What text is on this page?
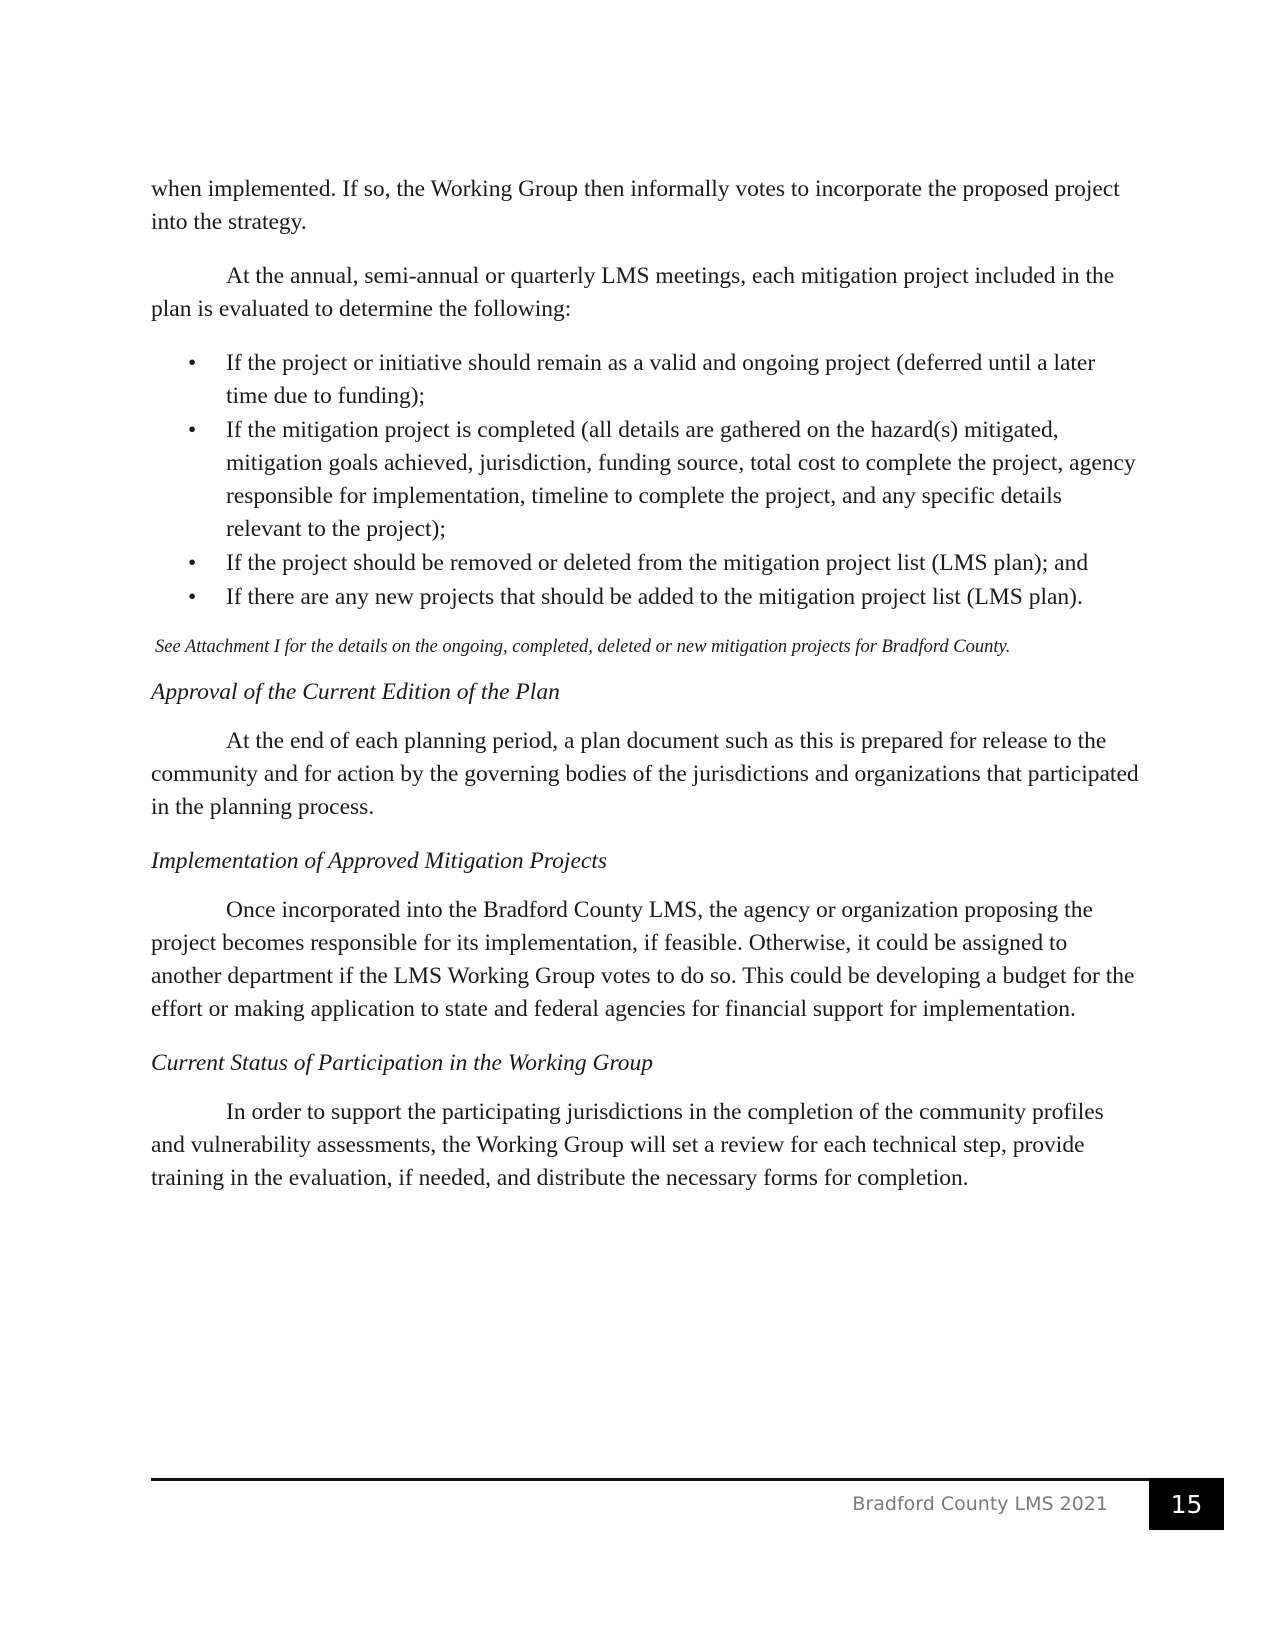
when implemented. If so, the Working Group then informally votes to incorporate the proposed project into the strategy.

At the annual, semi-annual or quarterly LMS meetings, each mitigation project included in the plan is evaluated to determine the following:

• If the project or initiative should remain as a valid and ongoing project (deferred until a later time due to funding);
• If the mitigation project is completed (all details are gathered on the hazard(s) mitigated, mitigation goals achieved, jurisdiction, funding source, total cost to complete the project, agency responsible for implementation, timeline to complete the project, and any specific details relevant to the project);
• If the project should be removed or deleted from the mitigation project list (LMS plan); and
• If there are any new projects that should be added to the mitigation project list (LMS plan).

See Attachment I for the details on the ongoing, completed, deleted or new mitigation projects for Bradford County.

Approval of the Current Edition of the Plan

At the end of each planning period, a plan document such as this is prepared for release to the community and for action by the governing bodies of the jurisdictions and organizations that participated in the planning process.

Implementation of Approved Mitigation Projects

Once incorporated into the Bradford County LMS, the agency or organization proposing the project becomes responsible for its implementation, if feasible. Otherwise, it could be assigned to another department if the LMS Working Group votes to do so. This could be developing a budget for the effort or making application to state and federal agencies for financial support for implementation.

Current Status of Participation in the Working Group

In order to support the participating jurisdictions in the completion of the community profiles and vulnerability assessments, the Working Group will set a review for each technical step, provide training in the evaluation, if needed, and distribute the necessary forms for completion.

Bradford County LMS 2021	15
